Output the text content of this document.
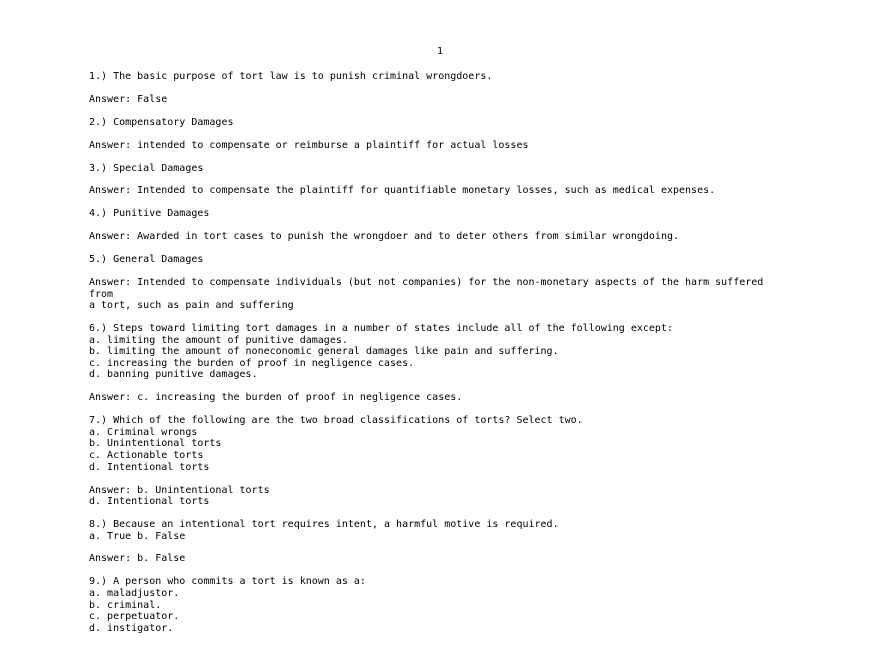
1

1.) The basic purpose of tort law is to punish criminal wrongdoers.

Answer: False

2.) Compensatory Damages

Answer: intended to compensate or reimburse a plaintiff for actual losses

3.) Special Damages

Answer: Intended to compensate the plaintiff for quantifiable monetary losses, such as medical expenses.

4.) Punitive Damages

Answer: Awarded in tort cases to punish the wrongdoer and to deter others from similar wrongdoing.

5.) General Damages

Answer: Intended to compensate individuals (but not companies) for the non-monetary aspects of the harm suffered from

a tort, such as pain and suffering

6.) Steps toward limiting tort damages in a number of states include all of the following except:

a. limiting the amount of punitive damages.

b. limiting the amount of noneconomic general damages like pain and suffering.

c. increasing the burden of proof in negligence cases.

d. banning punitive damages.

Answer: c. increasing the burden of proof in negligence cases.

7.) Which of the following are the two broad classifications of torts? Select two.

a. Criminal wrongs

b. Unintentional torts

c. Actionable torts

d. Intentional torts

Answer: b. Unintentional torts

d. Intentional torts

8.) Because an intentional tort requires intent, a harmful motive is required.

a. True b. False

Answer: b. False

9.) A person who commits a tort is known as a:

a. maladjustor.

b. criminal.

c. perpetuator.

d. instigator.
